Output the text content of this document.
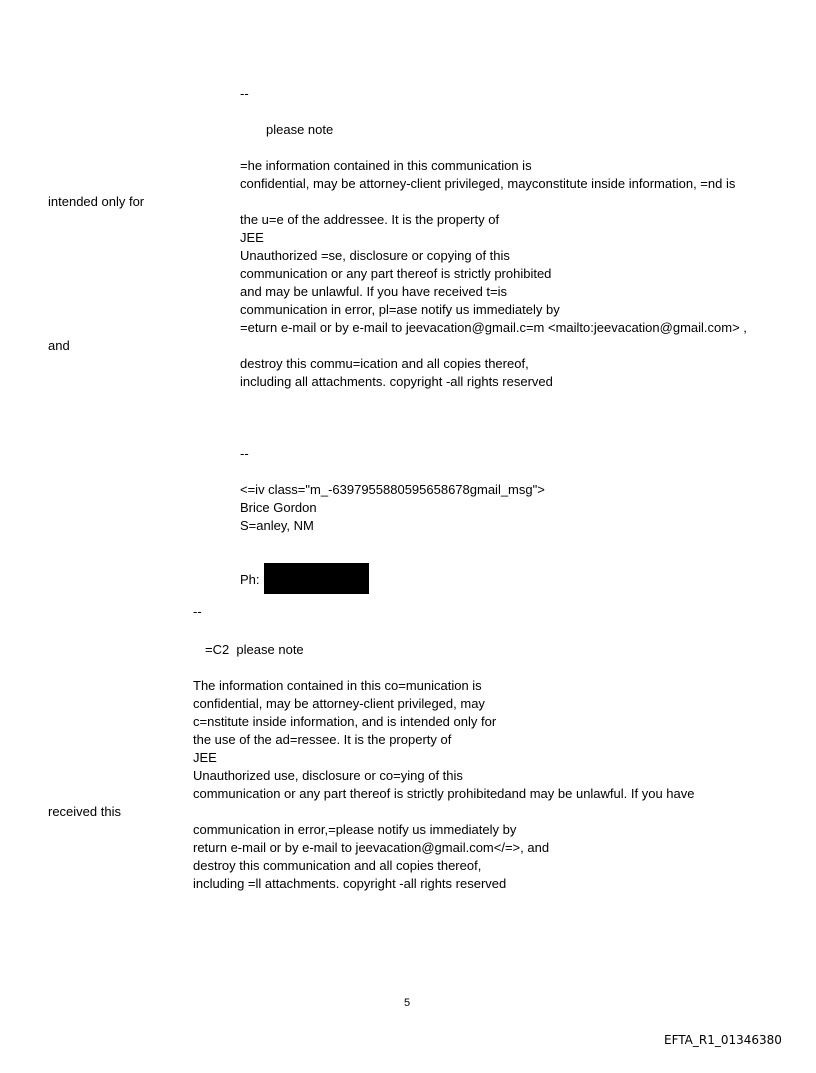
--

please note

=he information contained in this communication is

confidential, may be attorney-client privileged, mayconstitute inside information, =nd is

intended only for

the u=e of the addressee. It is the property of

JEE

Unauthorized =se, disclosure or copying of this

communication or any part thereof is strictly prohibited

and may be unlawful. If you have received t=is

communication in error, pl=ase notify us immediately by

=eturn e-mail or by e-mail to jeevacation@gmail.c=m <mailto:jeevacation@gmail.com> ,

and

destroy this commu=ication and all copies thereof,

including all attachments. copyright -all rights reserved

--

<=iv class="m_-6397955880595658678gmail_msg">

Brice Gordon

S=anley, NM

Ph:

--

=C2  please note

The information contained in this co=munication is

confidential, may be attorney-client privileged, may

c=nstitute inside information, and is intended only for

the use of the ad=ressee. It is the property of

JEE

Unauthorized use, disclosure or co=ying of this

communication or any part thereof is strictly prohibitedand may be unlawful. If you have

received this

communication in error,=please notify us immediately by

return e-mail or by e-mail to jeevacation@gmail.com</=>, and

destroy this communication and all copies thereof,

including =ll attachments. copyright -all rights reserved

5

EFTA_R1_01346380
